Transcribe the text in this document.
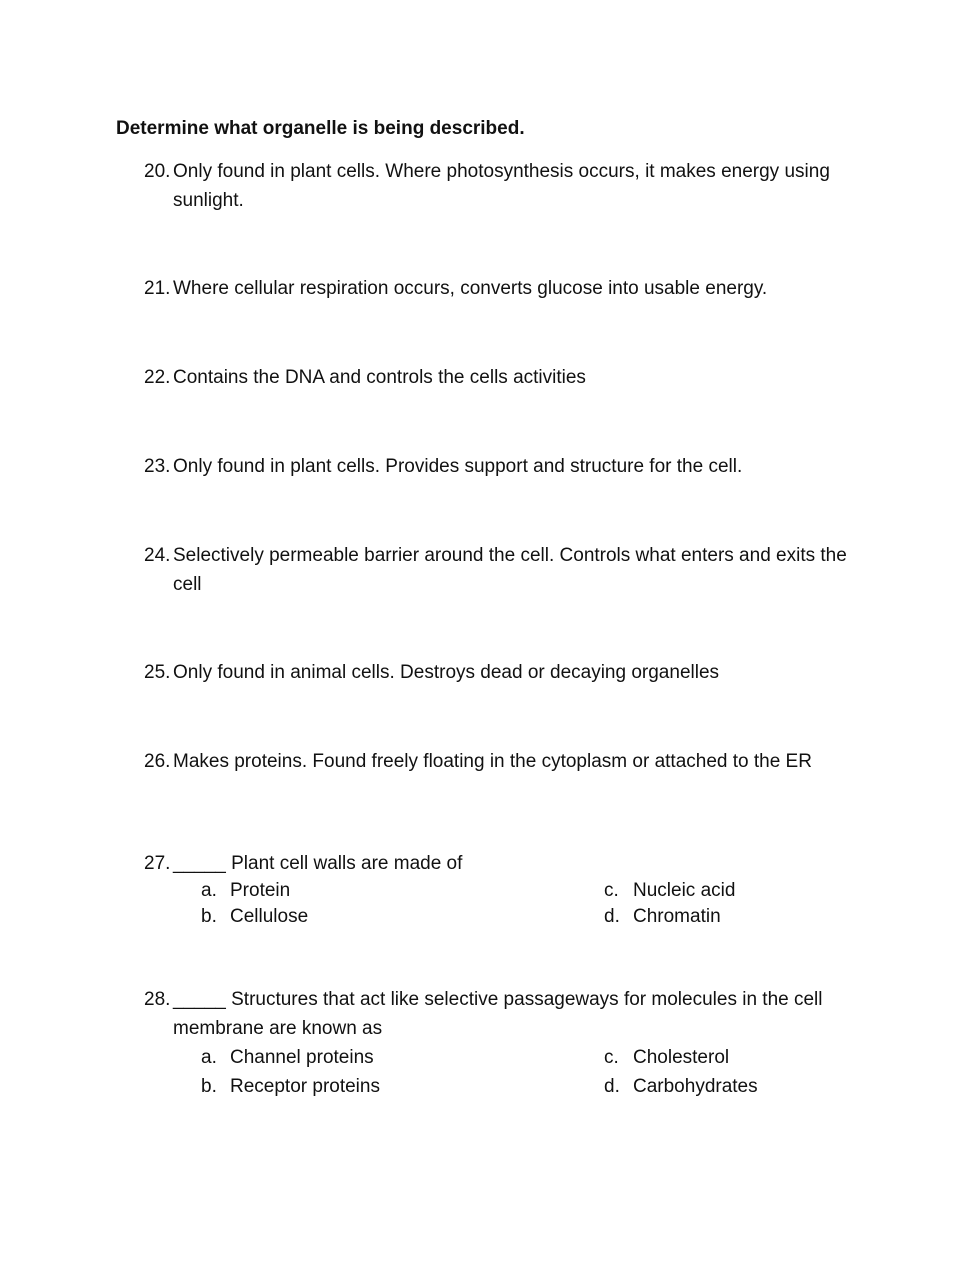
Determine what organelle is being described.
20. Only found in plant cells. Where photosynthesis occurs, it makes energy using sunlight.
21. Where cellular respiration occurs, converts glucose into usable energy.
22. Contains the DNA and controls the cells activities
23. Only found in plant cells. Provides support and structure for the cell.
24. Selectively permeable barrier around the cell. Controls what enters and exits the cell
25. Only found in animal cells. Destroys dead or decaying organelles
26. Makes proteins. Found freely floating in the cytoplasm or attached to the ER
27. _____ Plant cell walls are made of
a. Protein
b. Cellulose
c. Nucleic acid
d. Chromatin
28. _____ Structures that act like selective passageways for molecules in the cell membrane are known as
a. Channel proteins
b. Receptor proteins
c. Cholesterol
d. Carbohydrates
